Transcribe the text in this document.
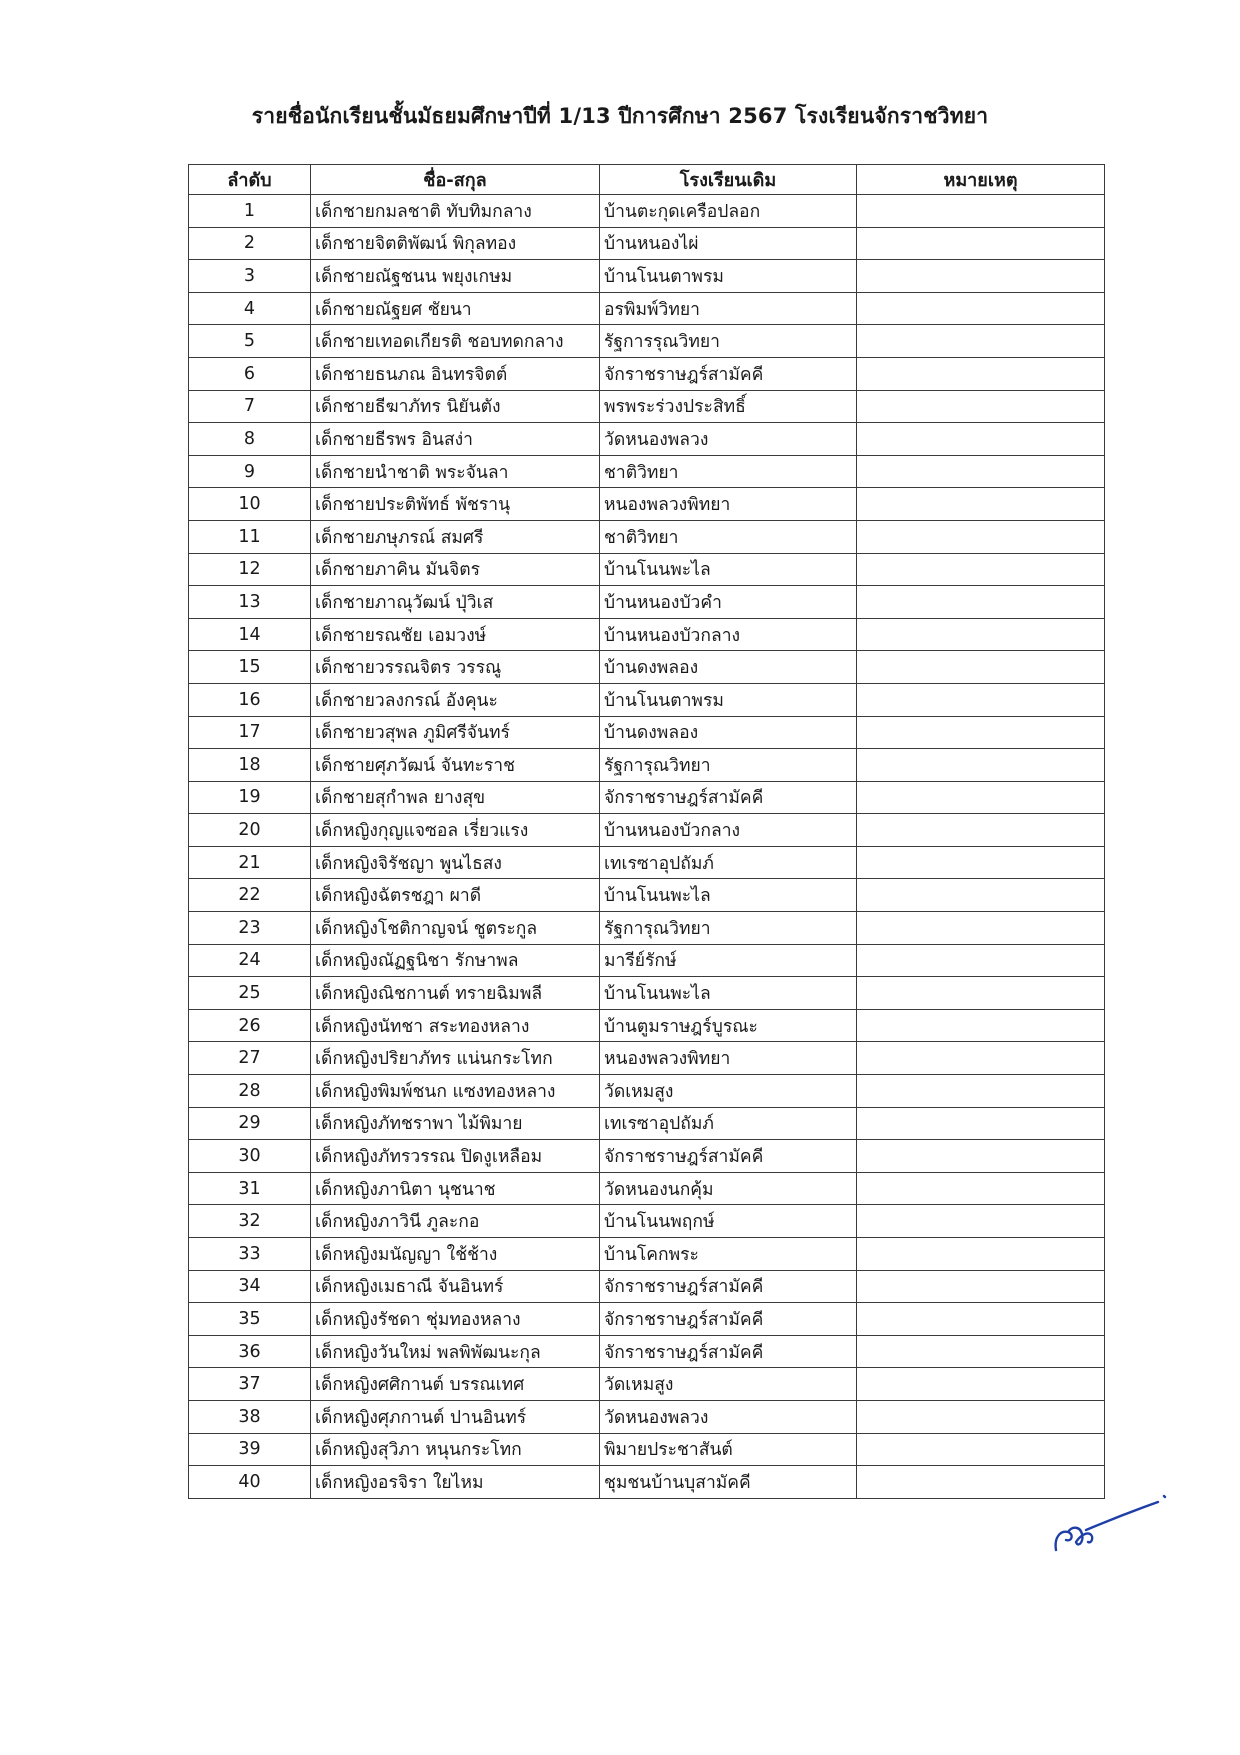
รายชื่อนักเรียนชั้นมัธยมศึกษาปีที่ 1/13 ปีการศึกษา 2567 โรงเรียนจักราชวิทยา
ลำดับ	ชื่อ-สกุล	โรงเรียนเดิม	หมายเหตุ
1	เด็กชายกมลชาติ ทับทิมกลาง	บ้านตะกุดเครือปลอก	
2	เด็กชายจิตติพัฒน์ พิกุลทอง	บ้านหนองไผ่	
3	เด็กชายณัฐชนน พยุงเกษม	บ้านโนนตาพรม	
4	เด็กชายณัฐยศ ชัยนา	อรพิมพ์วิทยา	
5	เด็กชายเทอดเกียรติ ชอบทดกลาง	รัฐการรุณวิทยา	
6	เด็กชายธนภณ อินทรจิตต์	จักราชราษฎร์สามัคคี	
7	เด็กชายธีฆาภัทร นิยันตัง	พรพระร่วงประสิทธิ์	
8	เด็กชายธีรพร อินสง่า	วัดหนองพลวง	
9	เด็กชายนำชาติ พระจันลา	ชาติวิทยา	
10	เด็กชายประติพัทธ์ พัชรานุ	หนองพลวงพิทยา	
11	เด็กชายภษุภรณ์ สมศรี	ชาติวิทยา	
12	เด็กชายภาคิน มันจิตร	บ้านโนนพะไล	
13	เด็กชายภาณุวัฒน์ ปุ่วิเส	บ้านหนองบัวคำ	
14	เด็กชายรณชัย เอมวงษ์	บ้านหนองบัวกลาง	
15	เด็กชายวรรณจิตร วรรณู	บ้านดงพลอง	
16	เด็กชายวลงกรณ์ อังคุนะ	บ้านโนนตาพรม	
17	เด็กชายวสุพล ภูมิศรีจันทร์	บ้านดงพลอง	
18	เด็กชายศุภวัฒน์ จันทะราช	รัฐการุณวิทยา	
19	เด็กชายสุกำพล ยางสุข	จักราชราษฎร์สามัคคี	
20	เด็กหญิงกุญแจซอล เรี่ยวแรง	บ้านหนองบัวกลาง	
21	เด็กหญิงจิรัชญา พูนไธสง	เทเรซาอุปถัมภ์	
22	เด็กหญิงฉัตรชฎา ผาดี	บ้านโนนพะไล	
23	เด็กหญิงโชติกาญจน์ ชูตระกูล	รัฐการุณวิทยา	
24	เด็กหญิงณัฏฐนิชา รักษาพล	มารีย์รักษ์	
25	เด็กหญิงณิชกานต์ ทรายฉิมพลี	บ้านโนนพะไล	
26	เด็กหญิงนัทชา สระทองหลาง	บ้านตูมราษฎร์บูรณะ	
27	เด็กหญิงปริยาภัทร แน่นกระโทก	หนองพลวงพิทยา	
28	เด็กหญิงพิมพ์ชนก แซงทองหลาง	วัดเหมสูง	
29	เด็กหญิงภัทชราพา ไม้พิมาย	เทเรซาอุปถัมภ์	
30	เด็กหญิงภัทรวรรณ ปิดงูเหลือม	จักราชราษฎร์สามัคคี	
31	เด็กหญิงภานิตา นุชนาช	วัดหนองนกคุ้ม	
32	เด็กหญิงภาวินี ภูละกอ	บ้านโนนพฤกษ์	
33	เด็กหญิงมนัญญา ใช้ช้าง	บ้านโคกพระ	
34	เด็กหญิงเมธาณี จันอินทร์	จักราชราษฎร์สามัคคี	
35	เด็กหญิงรัชดา ชุ่มทองหลาง	จักราชราษฎร์สามัคคี	
36	เด็กหญิงวันใหม่ พลพิพัฒนะกุล	จักราชราษฎร์สามัคคี	
37	เด็กหญิงศศิกานต์ บรรณเทศ	วัดเหมสูง	
38	เด็กหญิงศุภกานต์ ปานอินทร์	วัดหนองพลวง	
39	เด็กหญิงสุวิภา หนุนกระโทก	พิมายประชาสันต์	
40	เด็กหญิงอรจิรา ใยไหม	ชุมชนบ้านบุสามัคคี	
